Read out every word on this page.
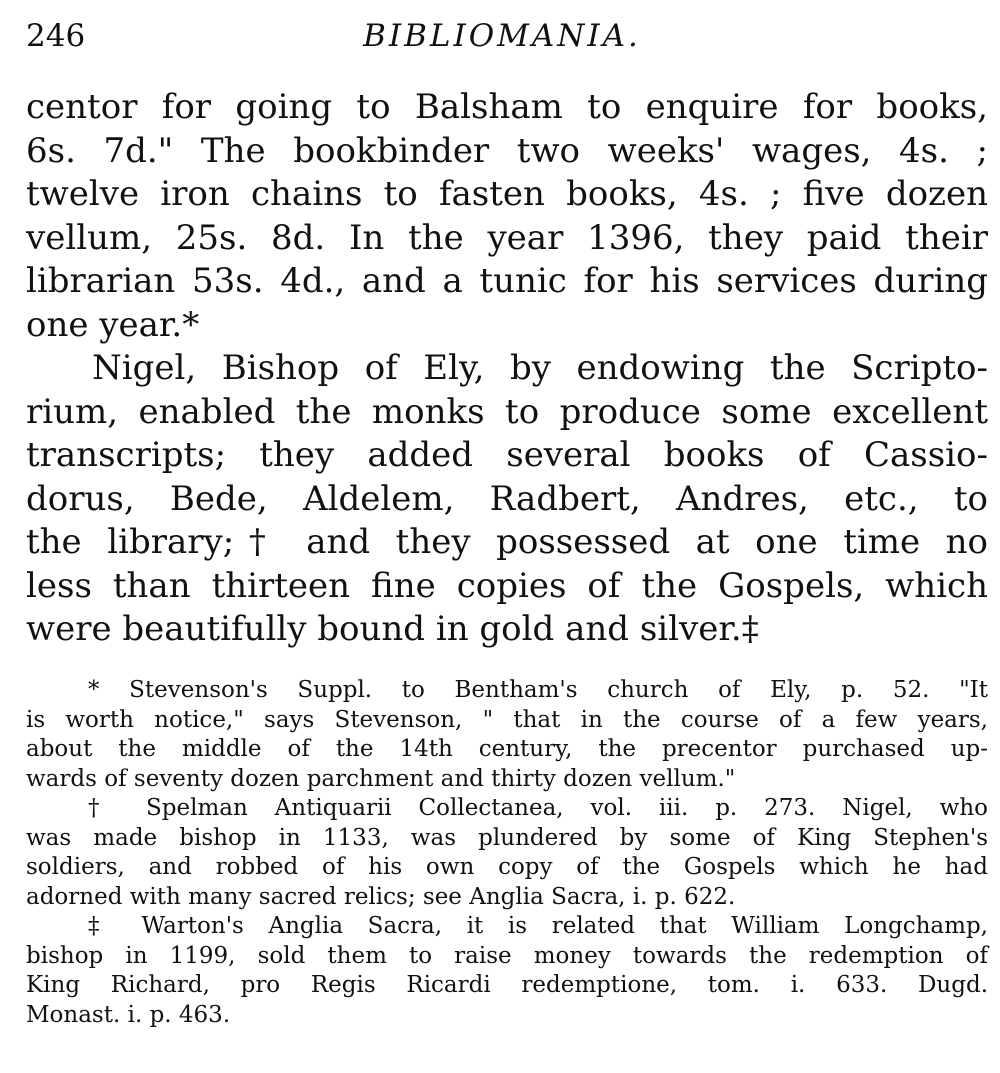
246	BIBLIOMANIA.

centor for going to Balsham to enquire for books,
6s. 7d." The bookbinder two weeks' wages, 4s. ;
twelve iron chains to fasten books, 4s. ; five dozen
vellum, 25s. 8d. In the year 1396, they paid their
librarian 53s. 4d., and a tunic for his services during
one year.*

Nigel, Bishop of Ely, by endowing the Scripto-
rium, enabled the monks to produce some excellent
transcripts; they added several books of Cassio-
dorus, Bede, Aldelem, Radbert, Andres, etc., to
the library;† and they possessed at one time no
less than thirteen fine copies of the Gospels, which
were beautifully bound in gold and silver.‡

* Stevenson's Suppl. to Bentham's church of Ely, p. 52. "It
is worth notice," says Stevenson, " that in the course of a few years,
about the middle of the 14th century, the precentor purchased up-
wards of seventy dozen parchment and thirty dozen vellum."
† Spelman Antiquarii Collectanea, vol. iii. p. 273. Nigel, who
was made bishop in 1133, was plundered by some of King Stephen's
soldiers, and robbed of his own copy of the Gospels which he had
adorned with many sacred relics; see Anglia Sacra, i. p. 622.
‡ Warton's Anglia Sacra, it is related that William Longchamp,
bishop in 1199, sold them to raise money towards the redemption of
King Richard, pro Regis Ricardi redemptione, tom. i. 633. Dugd.
Monast. i. p. 463.
